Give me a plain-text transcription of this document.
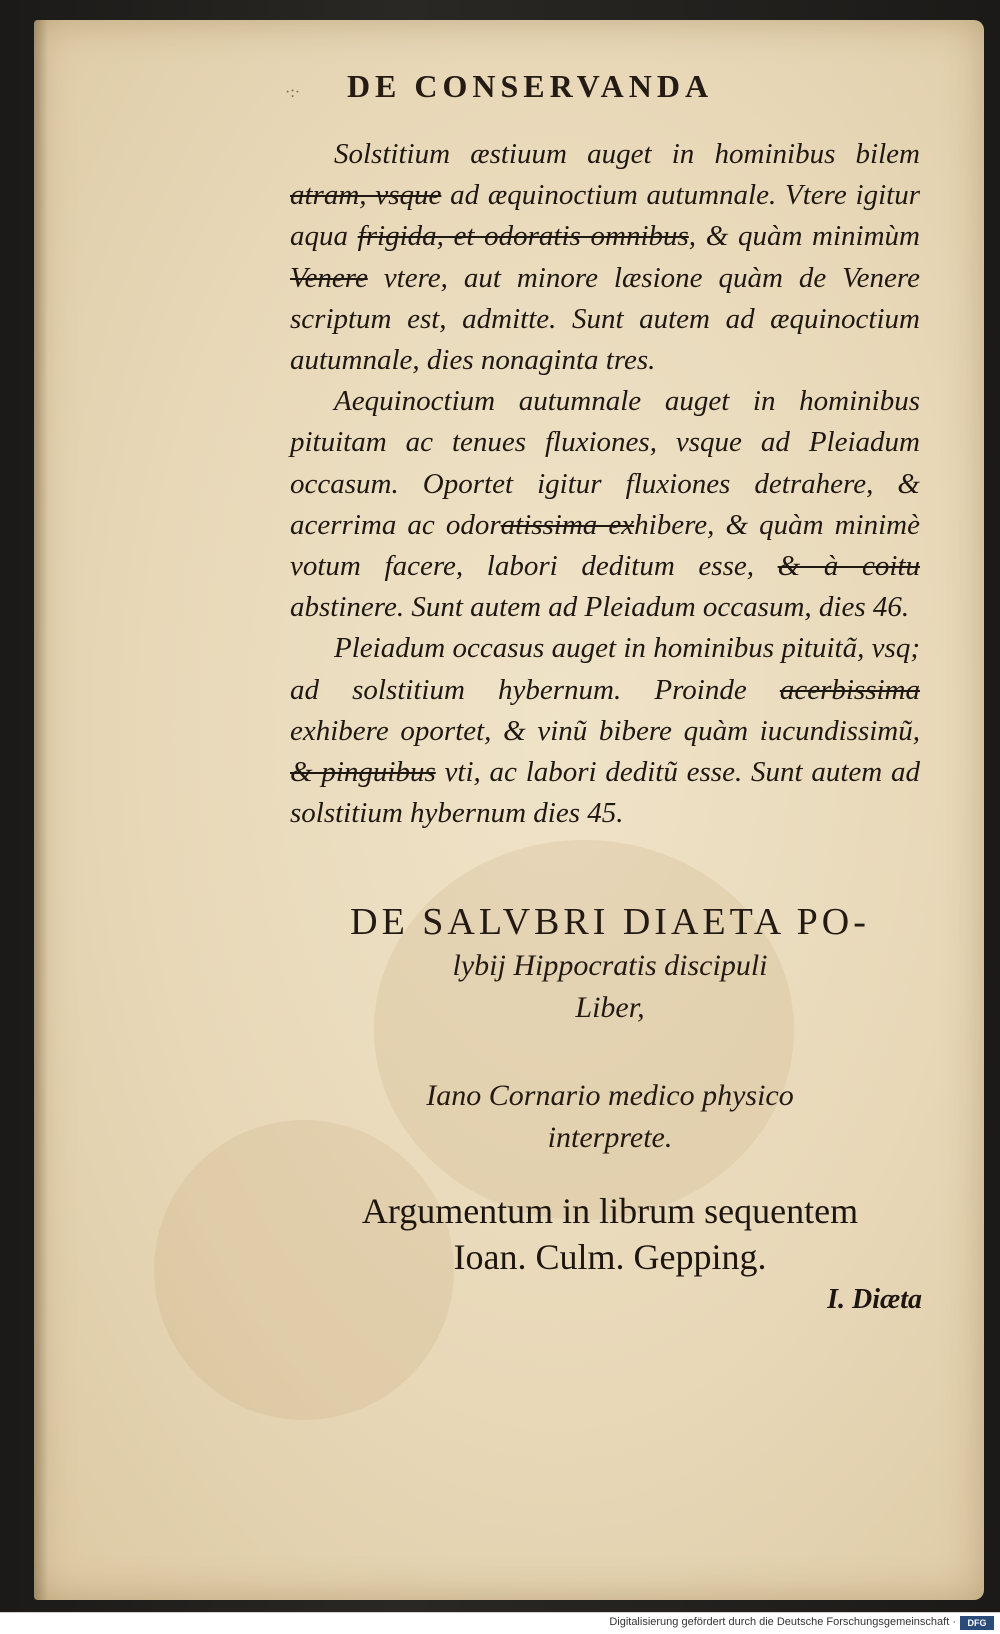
·:·	DE CONSERVANDA

Solstitium æstiuum auget in hominibus bilem atram, vsque ad æquinoctium autumnale. Vtere igitur aqua frigida, et odoratis omnibus, & quàm minimùm Venere vtere, aut minore læsione quàm de Venere scriptum est, admitte. Sunt autem ad æquinoctium autumnale, dies nonaginta tres.

Aequinoctium autumnale auget in hominibus pituitam ac tenues fluxiones, vsque ad Pleiadum occasum. Oportet igitur fluxiones detrahere, & acerrima ac odoratissima exhibere, & quàm minimè votum facere, labori deditum esse, & à coitu abstinere. Sunt autem ad Pleiadum occasum, dies 46.

Pleiadum occasus auget in hominibus pituitã, vsq; ad solstitium hybernum. Proinde acerbissima exhibere oportet, & vinũ bibere quàm iucundissimũ, & pinguibus vti, ac labori deditũ esse. Sunt autem ad solstitium hybernum dies 45.

DE SALVBRI DIAETA PO-
lybij Hippocratis discipuli
Liber,
Iano Cornario medico physico
interprete.
Argumentum in librum sequentem
Ioan. Culm. Gepping.
I. Diæta
Digitalisierung gefördert durch die Deutsche Forschungsgemeinschaft ·	DFG
